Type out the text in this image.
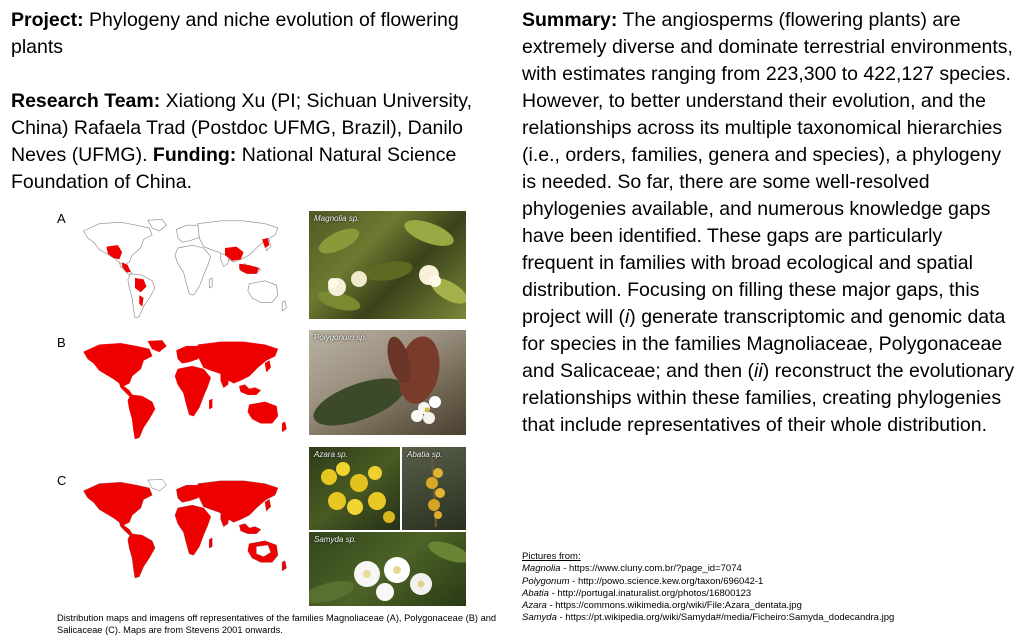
Project: Phylogeny and niche evolution of flowering plants

Research Team: Xiationg Xu (PI; Sichuan University, China) Rafaela Trad (Postdoc UFMG, Brazil), Danilo Neves (UFMG). Funding: National Natural Science Foundation of China.

Summary: The angiosperms (flowering plants) are extremely diverse and dominate terrestrial environments, with estimates ranging from 223,300 to 422,127 species. However, to better understand their evolution, and the relationships across its multiple taxonomical hierarchies (i.e., orders, families, genera and species), a phylogeny is needed. So far, there are some well-resolved phylogenies available, and numerous knowledge gaps have been identified. These gaps are particularly frequent in families with broad ecological and spatial distribution. Focusing on filling these major gaps, this project will (i) generate transcriptomic and genomic data for species in the families Magnoliaceae, Polygonaceae and Salicaceae; and then (ii) reconstruct the evolutionary relationships within these families, creating phylogenies that include representatives of their whole distribution.

A	Magnolia sp.
B	Polygonum sp.
C
Azara sp.	Abatia sp.
Samyda sp.
Distribution maps and imagens off representatives of the families Magnoliaceae (A), Polygonaceae (B) and Salicaceae (C). Maps are from Stevens 2001 onwards.
Pictures from:
Magnolia - https://www.cluny.com.br/?page_id=7074
Polygonum - http://powo.science.kew.org/taxon/696042-1
Abatia - http://portugal.inaturalist.org/photos/16800123
Azara - https://commons.wikimedia.org/wiki/File:Azara_dentata.jpg
Samyda - https://pt.wikipedia.org/wiki/Samyda#/media/Ficheiro:Samyda_dodecandra.jpg
